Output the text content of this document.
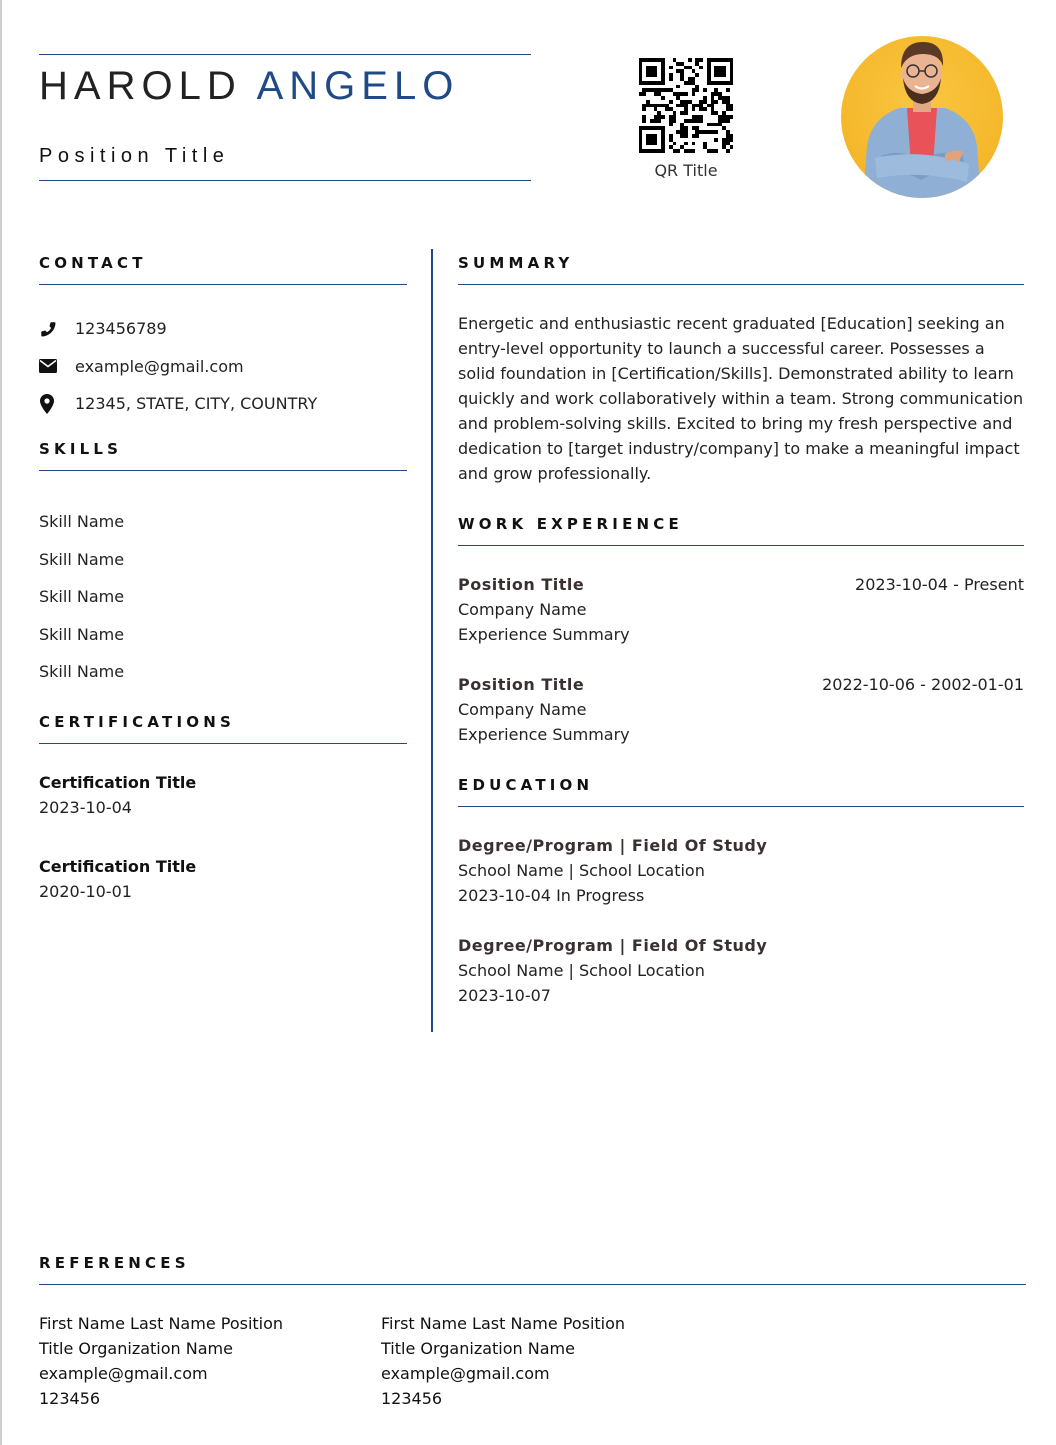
HAROLD ANGELO
Position Title
QR Title
CONTACT
123456789
example@gmail.com
12345, STATE, CITY, COUNTRY
SKILLS
Skill Name
Skill Name
Skill Name
Skill Name
Skill Name
CERTIFICATIONS
Certification Title
2023-10-04
Certification Title
2020-10-01
SUMMARY
Energetic and enthusiastic recent graduated [Education] seeking an entry-level opportunity to launch a successful career. Possesses a solid foundation in [Certification/Skills]. Demonstrated ability to learn quickly and work collaboratively within a team. Strong communication and problem-solving skills. Excited to bring my fresh perspective and dedication to [target industry/company] to make a meaningful impact and grow professionally.
WORK EXPERIENCE
Position Title	2023-10-04 - Present
Company Name
Experience Summary
Position Title	2022-10-06 - 2002-01-01
Company Name
Experience Summary
EDUCATION
Degree/Program | Field Of Study
School Name | School Location
2023-10-04 In Progress
Degree/Program | Field Of Study
School Name | School Location
2023-10-07
REFERENCES
First Name Last Name Position
Title Organization Name
example@gmail.com
123456
First Name Last Name Position
Title Organization Name
example@gmail.com
123456
